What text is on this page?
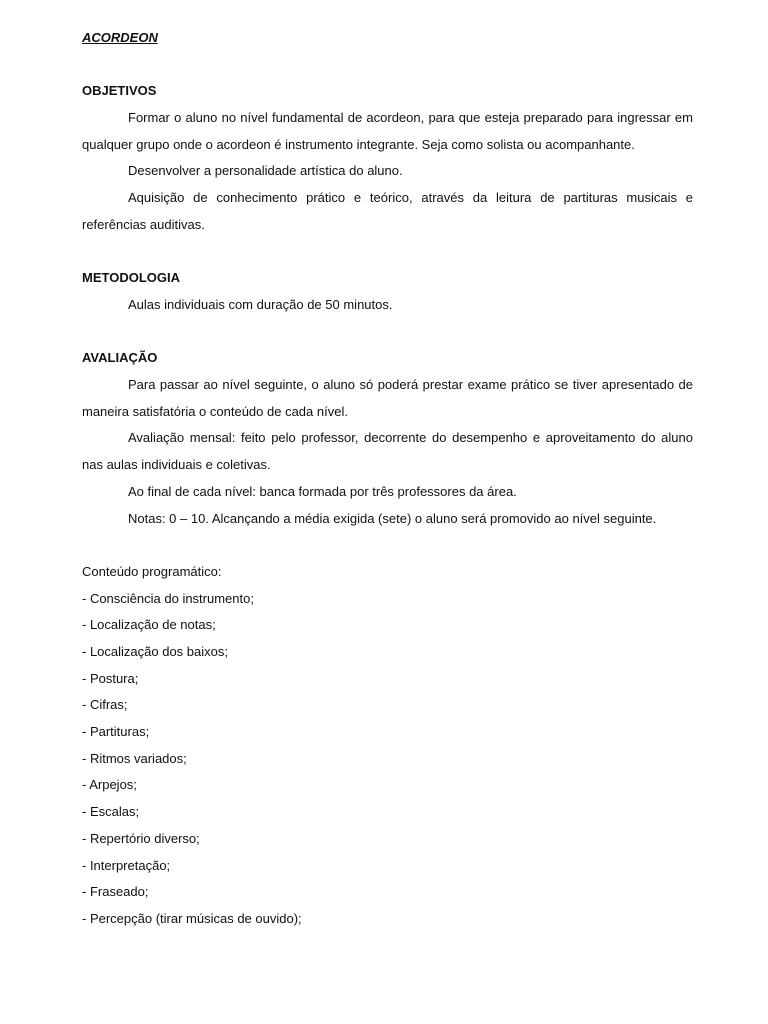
ACORDEON

OBJETIVOS

Formar o aluno no nível fundamental de acordeon, para que esteja preparado para ingressar em qualquer grupo onde o acordeon é instrumento integrante. Seja como solista ou acompanhante.

Desenvolver a personalidade artística do aluno.

Aquisição de conhecimento prático e teórico, através da leitura de partituras musicais e referências auditivas.

METODOLOGIA

Aulas individuais com duração de 50 minutos.

AVALIAÇÃO

Para passar ao nível seguinte, o aluno só poderá prestar exame prático se tiver apresentado de maneira satisfatória o conteúdo de cada nível.

Avaliação mensal: feito pelo professor, decorrente do desempenho e aproveitamento do aluno nas aulas individuais e coletivas.

Ao final de cada nível: banca formada por três professores da área.

Notas: 0 – 10. Alcançando a média exigida (sete) o aluno será promovido ao nível seguinte.

Conteúdo programático:

- Consciência do instrumento;
- Localização de notas;
- Localização dos baixos;
- Postura;
- Cifras;
- Partituras;
- Ritmos variados;
- Arpejos;
- Escalas;
- Repertório diverso;
- Interpretação;
- Fraseado;
- Percepção (tirar músicas de ouvido);
